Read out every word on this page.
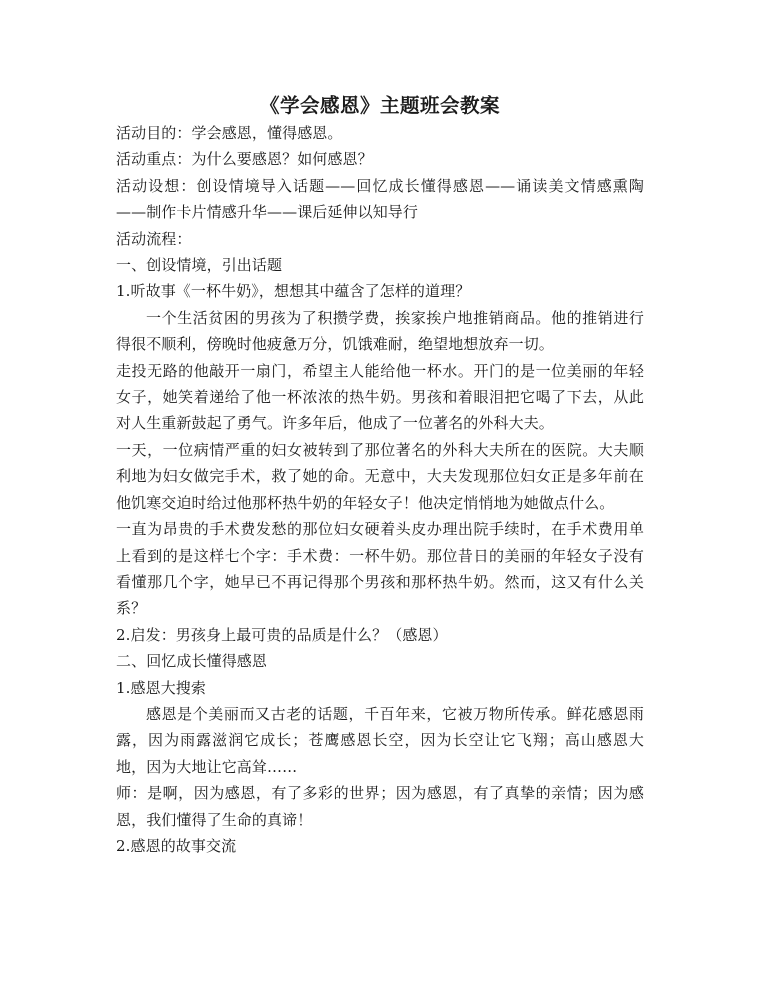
《学会感恩》主题班会教案

活动目的：学会感恩，懂得感恩。

活动重点：为什么要感恩？如何感恩？

活动设想：创设情境导入话题——回忆成长懂得感恩——诵读美文情感熏陶——制作卡片情感升华——课后延伸以知导行

活动流程：

一、创设情境，引出话题

1.听故事《一杯牛奶》，想想其中蕴含了怎样的道理？

一个生活贫困的男孩为了积攒学费，挨家挨户地推销商品。他的推销进行得很不顺利，傍晚时他疲惫万分，饥饿难耐，绝望地想放弃一切。

走投无路的他敲开一扇门，希望主人能给他一杯水。开门的是一位美丽的年轻女子，她笑着递给了他一杯浓浓的热牛奶。男孩和着眼泪把它喝了下去，从此对人生重新鼓起了勇气。许多年后，他成了一位著名的外科大夫。

一天，一位病情严重的妇女被转到了那位著名的外科大夫所在的医院。大夫顺利地为妇女做完手术，救了她的命。无意中，大夫发现那位妇女正是多年前在他饥寒交迫时给过他那杯热牛奶的年轻女子！他决定悄悄地为她做点什么。

一直为昂贵的手术费发愁的那位妇女硬着头皮办理出院手续时，在手术费用单上看到的是这样七个字：手术费：一杯牛奶。那位昔日的美丽的年轻女子没有看懂那几个字，她早已不再记得那个男孩和那杯热牛奶。然而，这又有什么关系？

2.启发：男孩身上最可贵的品质是什么？（感恩）

二、回忆成长懂得感恩

1.感恩大搜索

感恩是个美丽而又古老的话题，千百年来，它被万物所传承。鲜花感恩雨露，因为雨露滋润它成长；苍鹰感恩长空，因为长空让它飞翔；高山感恩大地，因为大地让它高耸……

师：是啊，因为感恩，有了多彩的世界；因为感恩，有了真挚的亲情；因为感恩，我们懂得了生命的真谛！

2.感恩的故事交流
